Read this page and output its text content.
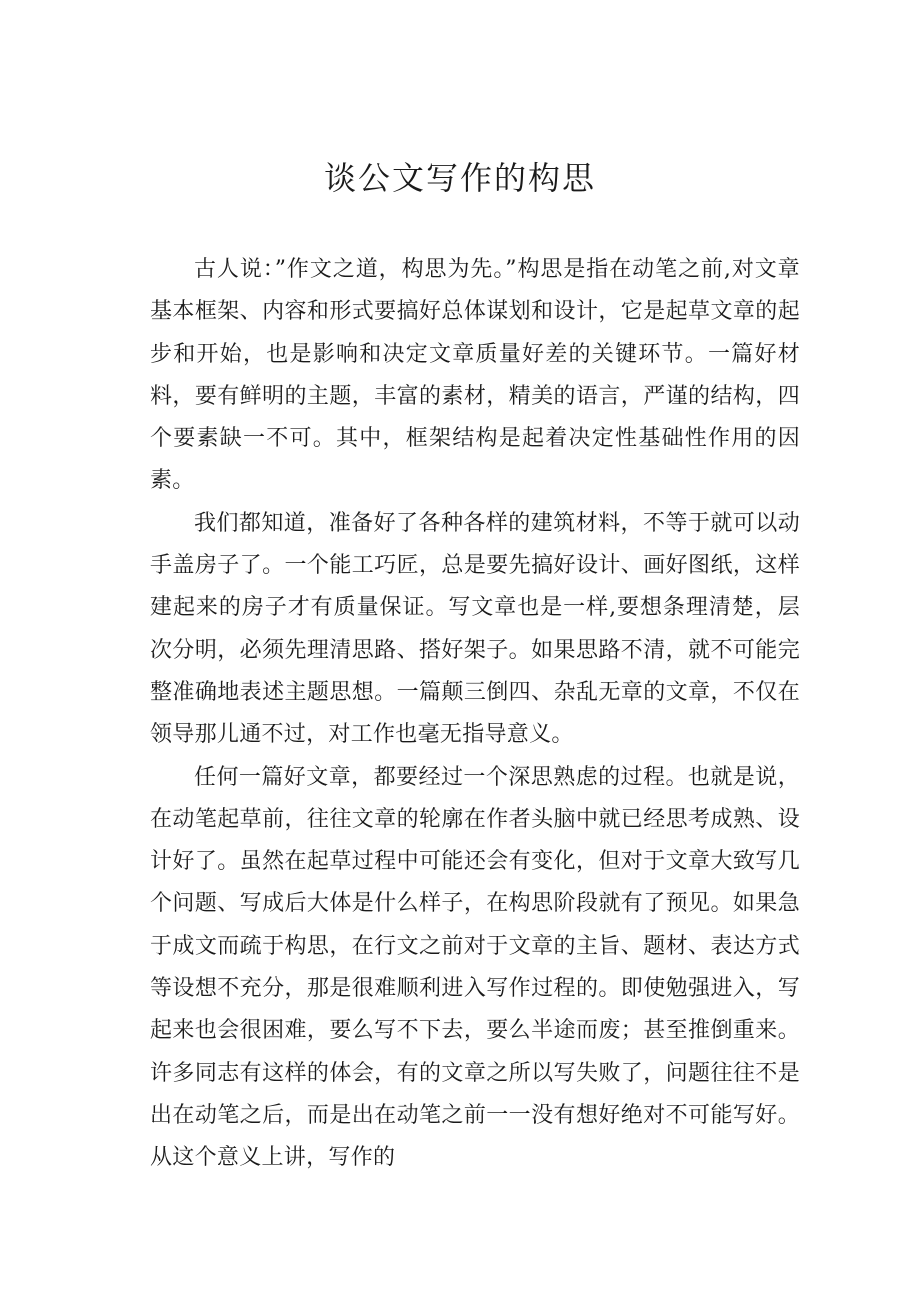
谈公文写作的构思

古人说：”作文之道，构思为先。”构思是指在动笔之前,对文章基本框架、内容和形式要搞好总体谋划和设计，它是起草文章的起步和开始，也是影响和决定文章质量好差的关键环节。一篇好材料，要有鲜明的主题，丰富的素材，精美的语言，严谨的结构，四个要素缺一不可。其中，框架结构是起着决定性基础性作用的因素。

我们都知道，准备好了各种各样的建筑材料，不等于就可以动手盖房子了。一个能工巧匠，总是要先搞好设计、画好图纸，这样建起来的房子才有质量保证。写文章也是一样,要想条理清楚，层次分明，必须先理清思路、搭好架子。如果思路不清，就不可能完整准确地表述主题思想。一篇颠三倒四、杂乱无章的文章，不仅在领导那儿通不过，对工作也毫无指导意义。

任何一篇好文章，都要经过一个深思熟虑的过程。也就是说，在动笔起草前，往往文章的轮廓在作者头脑中就已经思考成熟、设计好了。虽然在起草过程中可能还会有变化，但对于文章大致写几个问题、写成后大体是什么样子，在构思阶段就有了预见。如果急于成文而疏于构思，在行文之前对于文章的主旨、题材、表达方式等设想不充分，那是很难顺利进入写作过程的。即使勉强进入，写起来也会很困难，要么写不下去，要么半途而废；甚至推倒重来。许多同志有这样的体会，有的文章之所以写失败了，问题往往不是出在动笔之后，而是出在动笔之前一一没有想好绝对不可能写好。从这个意义上讲，写作的
